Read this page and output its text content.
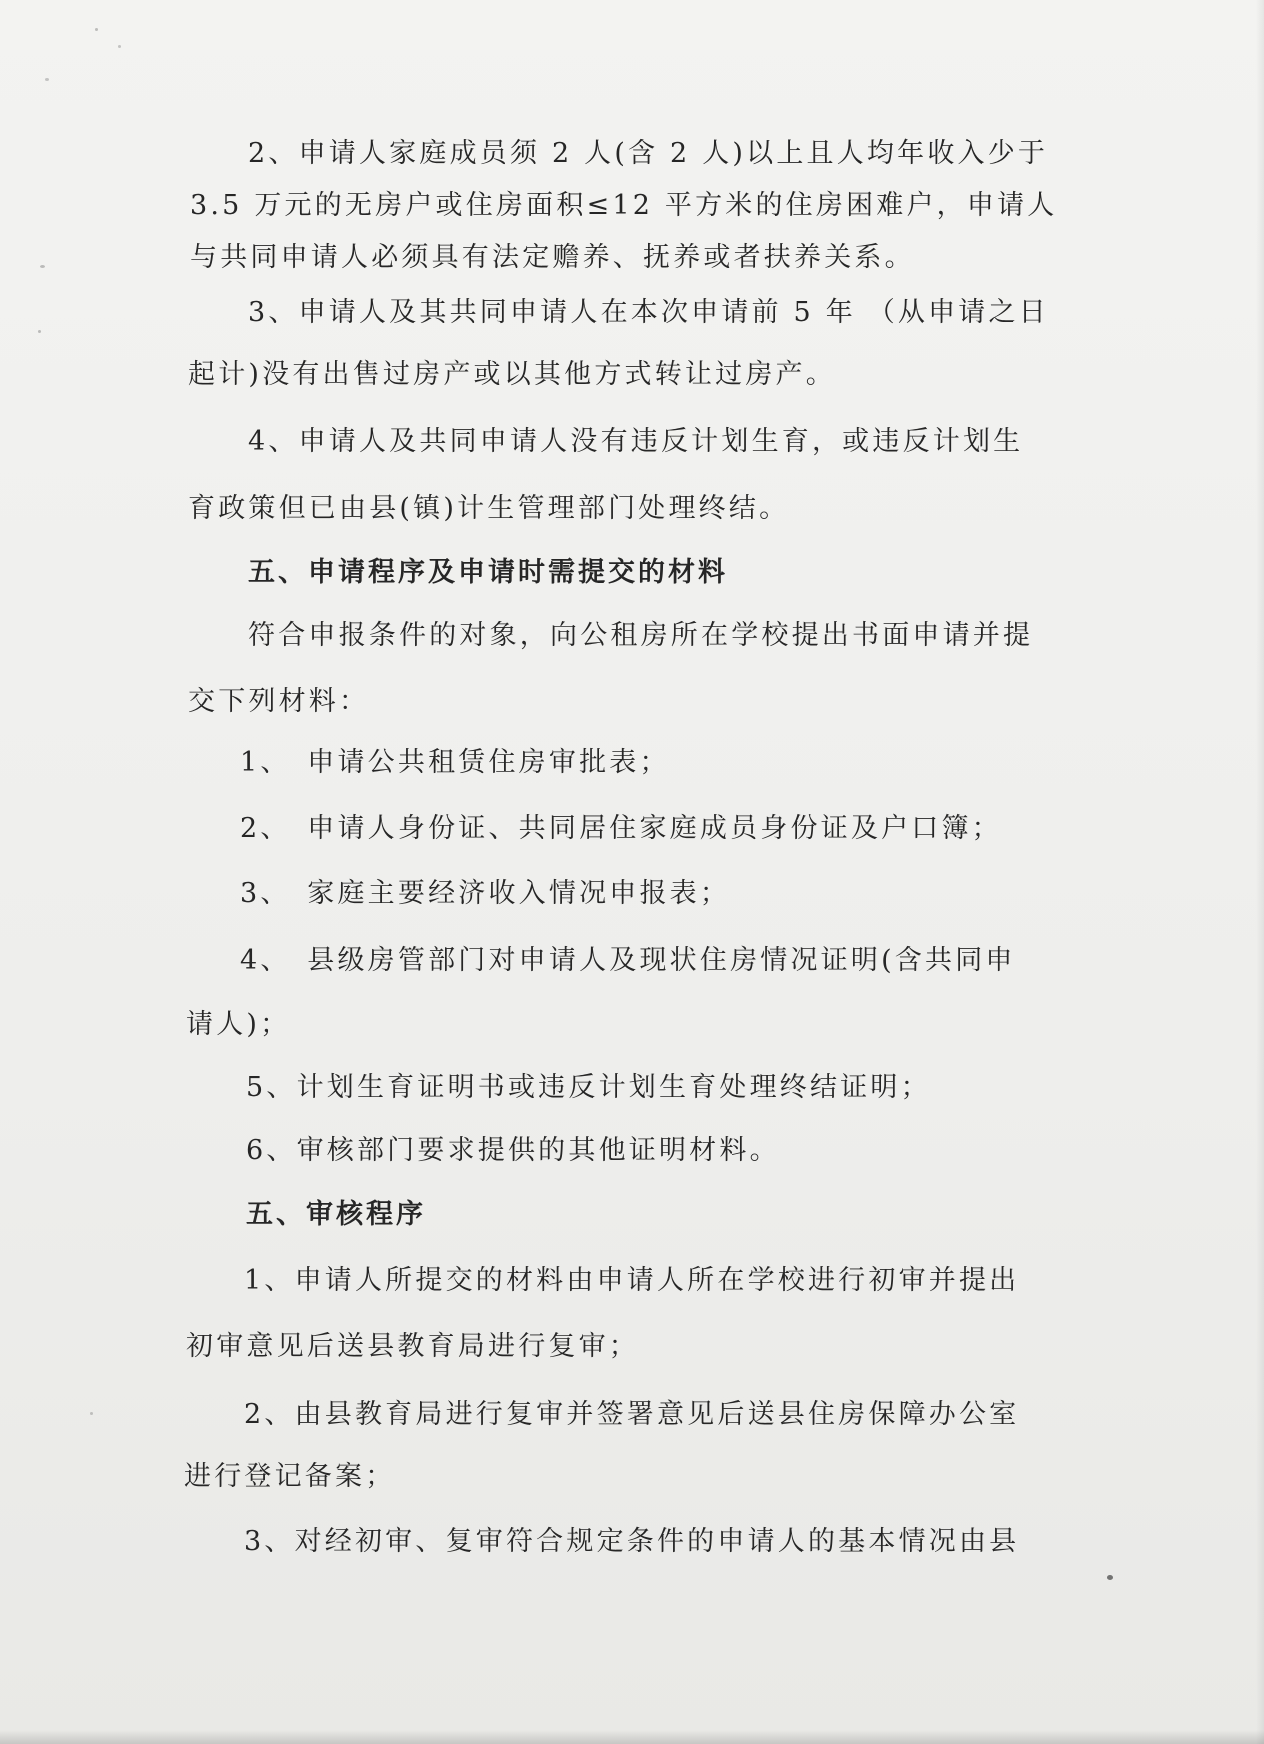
2、申请人家庭成员须 2 人(含 2 人)以上且人均年收入少于
3.5 万元的无房户或住房面积≤12 平方米的住房困难户，申请人
与共同申请人必须具有法定赡养、抚养或者扶养关系。
3、申请人及其共同申请人在本次申请前 5 年 （从申请之日
起计)没有出售过房产或以其他方式转让过房产。
4、申请人及共同申请人没有违反计划生育，或违反计划生
育政策但已由县(镇)计生管理部门处理终结。
五、申请程序及申请时需提交的材料
符合申报条件的对象，向公租房所在学校提出书面申请并提
交下列材料：
1、　申请公共租赁住房审批表；
2、　申请人身份证、共同居住家庭成员身份证及户口簿；
3、　家庭主要经济收入情况申报表；
4、　县级房管部门对申请人及现状住房情况证明(含共同申
请人)；
5、计划生育证明书或违反计划生育处理终结证明；
6、审核部门要求提供的其他证明材料。
五、审核程序
1、申请人所提交的材料由申请人所在学校进行初审并提出
初审意见后送县教育局进行复审；
2、由县教育局进行复审并签署意见后送县住房保障办公室
进行登记备案；
3、对经初审、复审符合规定条件的申请人的基本情况由县
